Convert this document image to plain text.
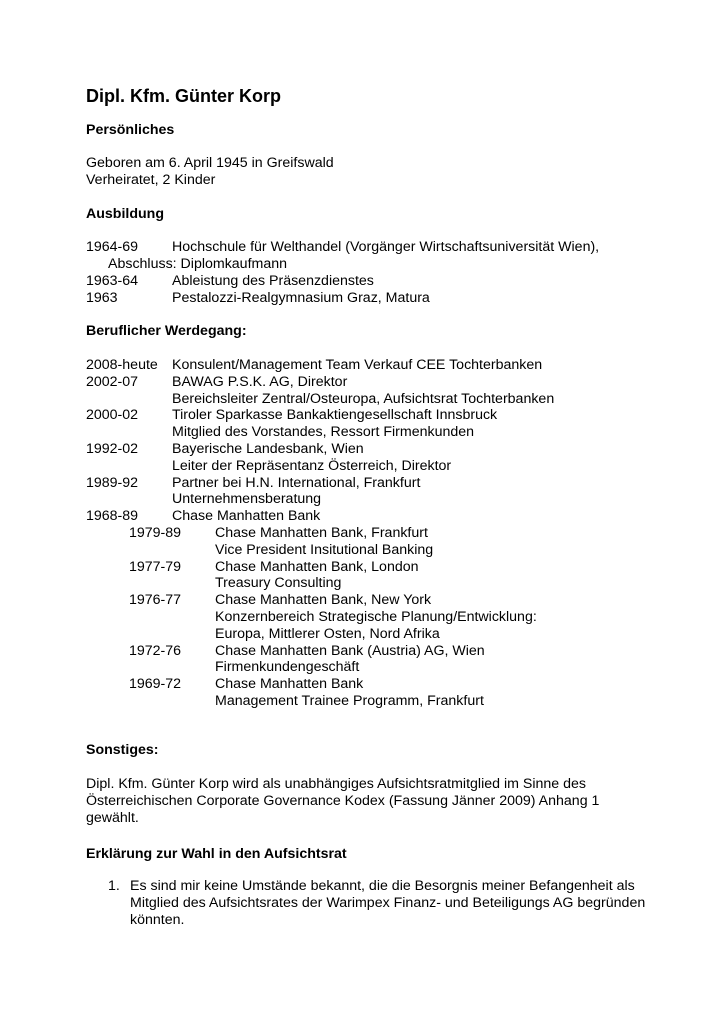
Dipl. Kfm. Günter Korp
Persönliches
Geboren am 6. April 1945 in Greifswald
Verheiratet, 2 Kinder
Ausbildung
1964-69 Hochschule für Welthandel (Vorgänger Wirtschaftsuniversität Wien),
Abschluss: Diplomkaufmann
1963-64 Ableistung des Präsenzdienstes
1963	Pestalozzi-Realgymnasium Graz, Matura
Beruflicher Werdegang:
2008-heute Konsulent/Management Team Verkauf CEE Tochterbanken
2002-07 BAWAG P.S.K. AG, Direktor
Bereichsleiter Zentral/Osteuropa, Aufsichtsrat Tochterbanken
2000-02 Tiroler Sparkasse Bankaktiengesellschaft Innsbruck
Mitglied des Vorstandes, Ressort Firmenkunden
1992-02 Bayerische Landesbank, Wien
Leiter der Repräsentanz Österreich, Direktor
1989-92 Partner bei H.N. International, Frankfurt
Unternehmensberatung
1968-89 Chase Manhatten Bank
1979-89 Chase Manhatten Bank, Frankfurt
Vice President Insitutional Banking
1977-79 Chase Manhatten Bank, London
Treasury Consulting
1976-77 Chase Manhatten Bank, New York
Konzernbereich Strategische Planung/Entwicklung:
Europa, Mittlerer Osten, Nord Afrika
1972-76 Chase Manhatten Bank (Austria) AG, Wien
Firmenkundengeschäft
1969-72 Chase Manhatten Bank
Management Trainee Programm, Frankfurt
Sonstiges:
Dipl. Kfm. Günter Korp wird als unabhängiges Aufsichtsratmitglied im Sinne des Österreichischen Corporate Governance Kodex (Fassung Jänner 2009) Anhang 1 gewählt.
Erklärung zur Wahl in den Aufsichtsrat
1. Es sind mir keine Umstände bekannt, die die Besorgnis meiner Befangenheit als Mitglied des Aufsichtsrates der Warimpex Finanz- und Beteiligungs AG begründen könnten.
